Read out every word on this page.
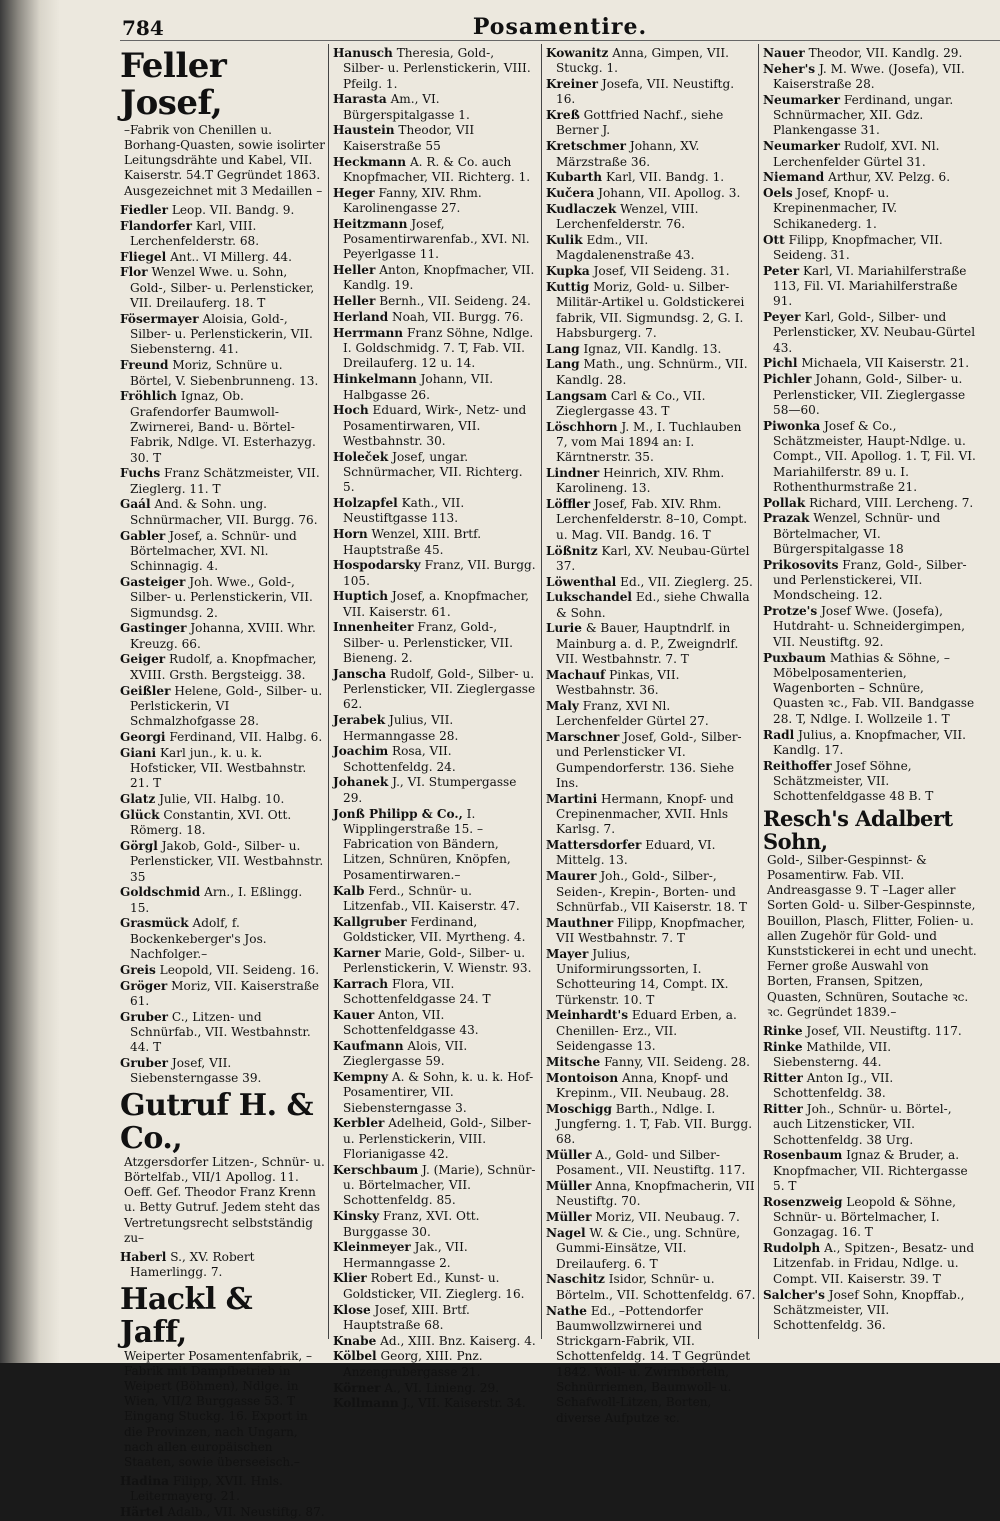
784	Posamentire.
Feller Josef,
–Fabrik von Chenillen u. Borhang-Quasten, sowie isolirter Leitungsdrähte und Kabel, VII. Kaiserstr. 54.T Gegründet 1863. Ausgezeichnet mit 3 Medaillen –
Fiedler Leop. VII. Bandg. 9.
Flandorfer Karl, VIII. Lerchenfelderstr. 68.
Fliegel Ant.. VI Millerg. 44.
Flor Wenzel Wwe. u. Sohn, Gold-, Silber- u. Perlensticker, VII. Dreilauferg. 18. T
Fösermayer Aloisia, Gold-, Silber- u. Perlenstickerin, VII. Siebensterng. 41.
Freund Moriz, Schnüre u. Börtel, V. Siebenbrunneng. 13.
Fröhlich Ignaz, Ob. Grafendorfer Baumwoll- Zwirnerei, Band- u. Börtel-Fabrik, Ndlge. VI. Esterhazyg. 30. T
Fuchs Franz Schätzmeister, VII. Zieglerg. 11. T
Gaál And. & Sohn. ung. Schnürmacher, VII. Burgg. 76.
Gabler Josef, a. Schnür- und Börtelmacher, XVI. Nl. Schinnagig. 4.
Gasteiger Joh. Wwe., Gold-, Silber- u. Perlenstickerin, VII. Sigmundsg. 2.
Gastinger Johanna, XVIII. Whr. Kreuzg. 66.
Geiger Rudolf, a. Knopfmacher, XVIII. Grsth. Bergsteigg. 38.
Geißler Helene, Gold-, Silber- u. Perlstickerin, VI Schmalzhofgasse 28.
Georgi Ferdinand, VII. Halbg. 6.
Giani Karl jun., k. u. k. Hofsticker, VII. Westbahnstr. 21. T
Glatz Julie, VII. Halbg. 10.
Glück Constantin, XVI. Ott. Römerg. 18.
Görgl Jakob, Gold-, Silber- u. Perlensticker, VII. Westbahnstr. 35
Goldschmid Arn., I. Eßlingg. 15.
Grasmück Adolf, f. Bockenkeberger's Jos. Nachfolger.–
Greis Leopold, VII. Seideng. 16.
Gröger Moriz, VII. Kaiserstraße 61.
Gruber C., Litzen- und Schnürfab., VII. Westbahnstr. 44. T
Gruber Josef, VII. Siebensterngasse 39.
Gutruf H. & Co.,
Atzgersdorfer Litzen-, Schnür- u. Börtelfab., VII/1 Apollog. 11. Oeff. Gef. Theodor Franz Krenn u. Betty Gutruf. Jedem steht das Vertretungsrecht selbstständig zu–
Haberl S., XV. Robert Hamerlingg. 7.
Hackl & Jaff,
Weiperter Posamentenfabrik, –Fabrik mit Dampfbetrieb in Weipert (Böhmen), Ndlge. in Wien, VII/2 Burggasse 53. T Eingang Stuckg. 16. Export in die Provinzen, nach Ungarn, nach allen europäischen Staaten, sowie überseeisch.–
Hadina Filipp, XVII. Hnls. Leitermayerg. 21.
Härtel Adalb., VII. Neustiftg. 87.
Hanusch Theresia, Gold-, Silber- u. Perlenstickerin, VIII. Pfeilg. 1.
Harasta Am., VI. Bürgerspitalgasse 1.
Haustein Theodor, VII Kaiserstraße 55
Heckmann A. R. & Co. auch Knopfmacher, VII. Richterg. 1.
Heger Fanny, XIV. Rhm. Karolinengasse 27.
Heitzmann Josef, Posamentirwarenfab., XVI. Nl. Peyerlgasse 11.
Heller Anton, Knopfmacher, VII. Kandlg. 19.
Heller Bernh., VII. Seideng. 24.
Herland Noah, VII. Burgg. 76.
Herrmann Franz Söhne, Ndlge. I. Goldschmidg. 7. T, Fab. VII. Dreilauferg. 12 u. 14.
Hinkelmann Johann, VII. Halbgasse 26.
Hoch Eduard, Wirk-, Netz- und Posamentirwaren, VII. Westbahnstr. 30.
Holeček Josef, ungar. Schnürmacher, VII. Richterg. 5.
Holzapfel Kath., VII. Neustiftgasse 113.
Horn Wenzel, XIII. Brtf. Hauptstraße 45.
Hospodarsky Franz, VII. Burgg. 105.
Huptich Josef, a. Knopfmacher, VII. Kaiserstr. 61.
Innenheiter Franz, Gold-, Silber- u. Perlensticker, VII. Bieneng. 2.
Janscha Rudolf, Gold-, Silber- u. Perlensticker, VII. Zieglergasse 62.
Jerabek Julius, VII. Hermanngasse 28.
Joachim Rosa, VII. Schottenfeldg. 24.
Johanek J., VI. Stumpergasse 29.
Jonß Philipp & Co., I. Wipplingerstraße 15. –Fabrication von Bändern, Litzen, Schnüren, Knöpfen, Posamentirwaren.–
Kalb Ferd., Schnür- u. Litzenfab., VII. Kaiserstr. 47.
Kallgruber Ferdinand, Goldsticker, VII. Myrtheng. 4.
Karner Marie, Gold-, Silber- u. Perlenstickerin, V. Wienstr. 93.
Karrach Flora, VII. Schottenfeldgasse 24. T
Kauer Anton, VII. Schottenfeldgasse 43.
Kaufmann Alois, VII. Zieglergasse 59.
Kempny A. & Sohn, k. u. k. Hof-Posamentirer, VII. Siebensterngasse 3.
Kerbler Adelheid, Gold-, Silber- u. Perlenstickerin, VIII. Florianigasse 42.
Kerschbaum J. (Marie), Schnür- u. Börtelmacher, VII. Schottenfeldg. 85.
Kinsky Franz, XVI. Ott. Burggasse 30.
Kleinmeyer Jak., VII. Hermanngasse 2.
Klier Robert Ed., Kunst- u. Goldsticker, VII. Zieglerg. 16.
Klose Josef, XIII. Brtf. Hauptstraße 68.
Knabe Ad., XIII. Bnz. Kaiserg. 4.
Kölbel Georg, XIII. Pnz. Anzengrubergasse 21.
Körner A., VI. Linieng. 29.
Kollmann J., VII. Kaiserstr. 34.
Kowanitz Anna, Gimpen, VII. Stuckg. 1.
Kreiner Josefa, VII. Neustiftg. 16.
Kreß Gottfried Nachf., siehe Berner J.
Kretschmer Johann, XV. Märzstraße 36.
Kubarth Karl, VII. Bandg. 1.
Kučera Johann, VII. Apollog. 3.
Kudlaczek Wenzel, VIII. Lerchenfelderstr. 76.
Kulik Edm., VII. Magdalenenstraße 43.
Kupka Josef, VII Seideng. 31.
Kuttig Moriz, Gold- u. Silber-Militär-Artikel u. Goldstickerei fabrik, VII. Sigmundsg. 2, G. I. Habsburgerg. 7.
Lang Ignaz, VII. Kandlg. 13.
Lang Math., ung. Schnürm., VII. Kandlg. 28.
Langsam Carl & Co., VII. Zieglergasse 43. T
Löschhorn J. M., I. Tuchlauben 7, vom Mai 1894 an: I. Kärntnerstr. 35.
Lindner Heinrich, XIV. Rhm. Karolineng. 13.
Löffler Josef, Fab. XIV. Rhm. Lerchenfelderstr. 8–10, Compt. u. Mag. VII. Bandg. 16. T
Lößnitz Karl, XV. Neubau-Gürtel 37.
Löwenthal Ed., VII. Zieglerg. 25.
Lukschandel Ed., siehe Chwalla & Sohn.
Lurie & Bauer, Hauptndrlf. in Mainburg a. d. P., Zweigndrlf. VII. Westbahnstr. 7. T
Machauf Pinkas, VII. Westbahnstr. 36.
Maly Franz, XVI Nl. Lerchenfelder Gürtel 27.
Marschner Josef, Gold-, Silber- und Perlensticker VI. Gumpendorferstr. 136. Siehe Ins.
Martini Hermann, Knopf- und Crepinenmacher, XVII. Hnls Karlsg. 7.
Mattersdorfer Eduard, VI. Mittelg. 13.
Maurer Joh., Gold-, Silber-, Seiden-, Krepin-, Borten- und Schnürfab., VII Kaiserstr. 18. T
Mauthner Filipp, Knopfmacher, VII Westbahnstr. 7. T
Mayer Julius, Uniformirungssorten, I. Schotteuring 14, Compt. IX. Türkenstr. 10. T
Meinhardt's Eduard Erben, a. Chenillen- Erz., VII. Seidengasse 13.
Mitsche Fanny, VII. Seideng. 28.
Montoison Anna, Knopf- und Krepinm., VII. Neubaug. 28.
Moschigg Barth., Ndlge. I. Jungferng. 1. T, Fab. VII. Burgg. 68.
Müller A., Gold- und Silber-Posament., VII. Neustiftg. 117.
Müller Anna, Knopfmacherin, VII Neustiftg. 70.
Müller Moriz, VII. Neubaug. 7.
Nagel W. & Cie., ung. Schnüre, Gummi-Einsätze, VII. Dreilauferg. 6. T
Naschitz Isidor, Schnür- u. Börtelm., VII. Schottenfeldg. 67.
Nathe Ed., –Pottendorfer Baumwollzwirnerei und Strickgarn-Fabrik, VII. Schottenfeldg. 14. T Gegründet 1842. Woll- u. Zwirnbörteln, Schnürriemen, Baumwoll- u. Schafwoll-Litzen, Borten, diverse Aufputze ꝛc.
Nauer Theodor, VII. Kandlg. 29.
Neher's J. M. Wwe. (Josefa), VII. Kaiserstraße 28.
Neumarker Ferdinand, ungar. Schnürmacher, XII. Gdz. Plankengasse 31.
Neumarker Rudolf, XVI. Nl. Lerchenfelder Gürtel 31.
Niemand Arthur, XV. Pelzg. 6.
Oels Josef, Knopf- u. Krepinenmacher, IV. Schikanederg. 1.
Ott Filipp, Knopfmacher, VII. Seideng. 31.
Peter Karl, VI. Mariahilferstraße 113, Fil. VI. Mariahilferstraße 91.
Peyer Karl, Gold-, Silber- und Perlensticker, XV. Neubau-Gürtel 43.
Pichl Michaela, VII Kaiserstr. 21.
Pichler Johann, Gold-, Silber- u. Perlensticker, VII. Zieglergasse 58—60.
Piwonka Josef & Co., Schätzmeister, Haupt-Ndlge. u. Compt., VII. Apollog. 1. T, Fil. VI. Mariahilferstr. 89 u. I. Rothenthurmstraße 21.
Pollak Richard, VIII. Lercheng. 7.
Prazak Wenzel, Schnür- und Börtelmacher, VI. Bürgerspitalgasse 18
Prikosovits Franz, Gold-, Silber- und Perlenstickerei, VII. Mondscheing. 12.
Protze's Josef Wwe. (Josefa), Hutdraht- u. Schneidergimpen, VII. Neustiftg. 92.
Puxbaum Mathias & Söhne, –Möbelposamenterien, Wagenborten – Schnüre, Quasten ꝛc., Fab. VII. Bandgasse 28. T, Ndlge. I. Wollzeile 1. T
Radl Julius, a. Knopfmacher, VII. Kandlg. 17.
Reithoffer Josef Söhne, Schätzmeister, VII. Schottenfeldgasse 48 B. T
Resch's Adalbert Sohn,
Gold-, Silber-Gespinnst- & Posamentirw. Fab. VII. Andreasgasse 9. T –Lager aller Sorten Gold- u. Silber-Gespinnste, Bouillon, Plasch, Flitter, Folien- u. allen Zugehör für Gold- und Kunststickerei in echt und unecht. Ferner große Auswahl von Borten, Fransen, Spitzen, Quasten, Schnüren, Soutache ꝛc. ꝛc. Gegründet 1839.–
Rinke Josef, VII. Neustiftg. 117.
Rinke Mathilde, VII. Siebensterng. 44.
Ritter Anton Ig., VII. Schottenfeldg. 38.
Ritter Joh., Schnür- u. Börtel-, auch Litzensticker, VII. Schottenfeldg. 38 Urg.
Rosenbaum Ignaz & Bruder, a. Knopfmacher, VII. Richtergasse 5. T
Rosenzweig Leopold & Söhne, Schnür- u. Börtelmacher, I. Gonzagag. 16. T
Rudolph A., Spitzen-, Besatz- und Litzenfab. in Fridau, Ndlge. u. Compt. VII. Kaiserstr. 39. T
Salcher's Josef Sohn, Knopffab., Schätzmeister, VII. Schottenfeldg. 36.
